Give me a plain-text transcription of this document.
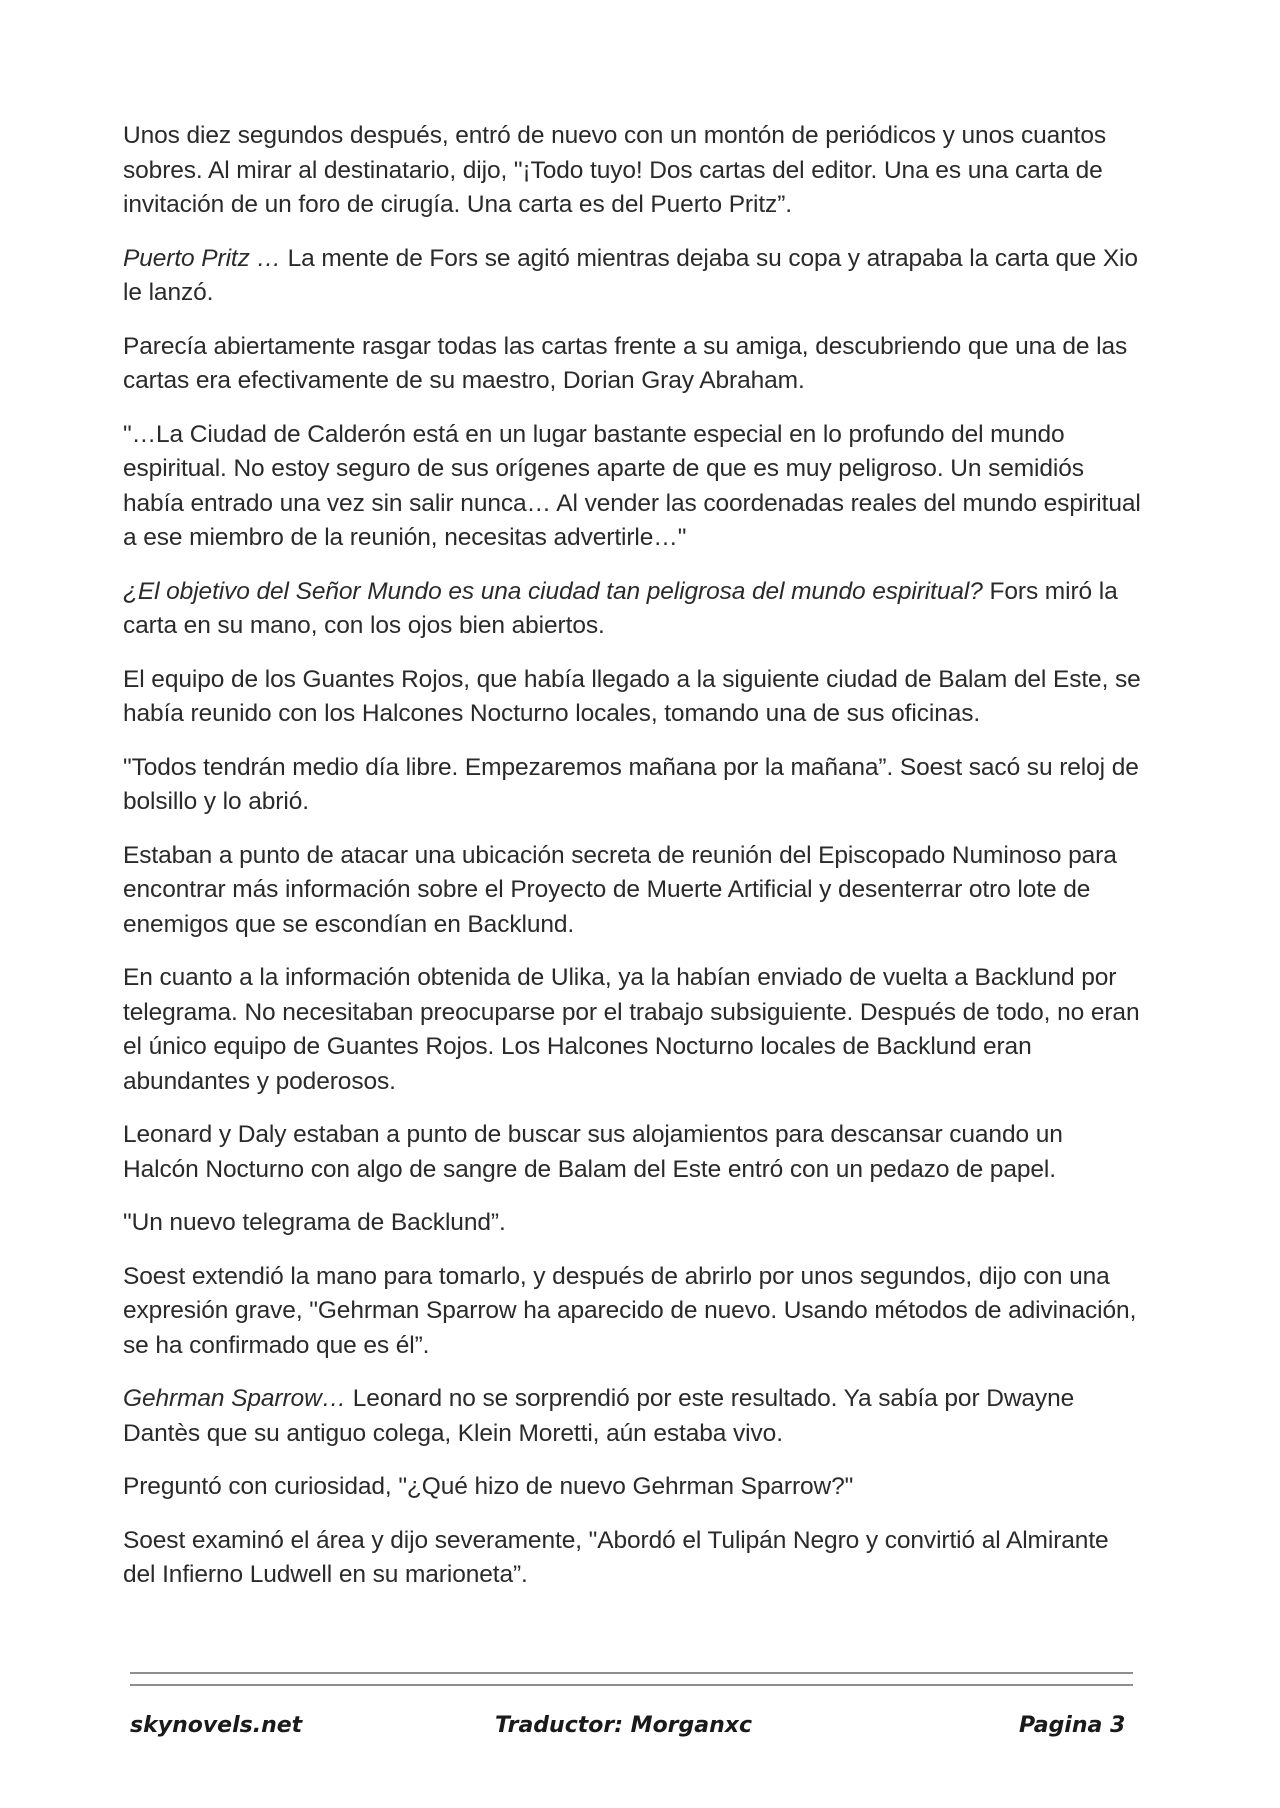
Unos diez segundos después, entró de nuevo con un montón de periódicos y unos cuantos sobres. Al mirar al destinatario, dijo, "¡Todo tuyo! Dos cartas del editor. Una es una carta de invitación de un foro de cirugía. Una carta es del Puerto Pritz”.

Puerto Pritz … La mente de Fors se agitó mientras dejaba su copa y atrapaba la carta que Xio le lanzó.

Parecía abiertamente rasgar todas las cartas frente a su amiga, descubriendo que una de las cartas era efectivamente de su maestro, Dorian Gray Abraham.

"…La Ciudad de Calderón está en un lugar bastante especial en lo profundo del mundo espiritual. No estoy seguro de sus orígenes aparte de que es muy peligroso. Un semidiós había entrado una vez sin salir nunca… Al vender las coordenadas reales del mundo espiritual a ese miembro de la reunión, necesitas advertirle…"

¿El objetivo del Señor Mundo es una ciudad tan peligrosa del mundo espiritual? Fors miró la carta en su mano, con los ojos bien abiertos.

El equipo de los Guantes Rojos, que había llegado a la siguiente ciudad de Balam del Este, se había reunido con los Halcones Nocturno locales, tomando una de sus oficinas.

"Todos tendrán medio día libre. Empezaremos mañana por la mañana”. Soest sacó su reloj de bolsillo y lo abrió.

Estaban a punto de atacar una ubicación secreta de reunión del Episcopado Numinoso para encontrar más información sobre el Proyecto de Muerte Artificial y desenterrar otro lote de enemigos que se escondían en Backlund.

En cuanto a la información obtenida de Ulika, ya la habían enviado de vuelta a Backlund por telegrama. No necesitaban preocuparse por el trabajo subsiguiente. Después de todo, no eran el único equipo de Guantes Rojos. Los Halcones Nocturno locales de Backlund eran abundantes y poderosos.

Leonard y Daly estaban a punto de buscar sus alojamientos para descansar cuando un Halcón Nocturno con algo de sangre de Balam del Este entró con un pedazo de papel.

"Un nuevo telegrama de Backlund”.

Soest extendió la mano para tomarlo, y después de abrirlo por unos segundos, dijo con una expresión grave, "Gehrman Sparrow ha aparecido de nuevo. Usando métodos de adivinación, se ha confirmado que es él”.

Gehrman Sparrow… Leonard no se sorprendió por este resultado. Ya sabía por Dwayne Dantès que su antiguo colega, Klein Moretti, aún estaba vivo.

Preguntó con curiosidad, "¿Qué hizo de nuevo Gehrman Sparrow?"

Soest examinó el área y dijo severamente, "Abordó el Tulipán Negro y convirtió al Almirante del Infierno Ludwell en su marioneta”.

skynovels.net	Traductor: Morganxc	Pagina 3
